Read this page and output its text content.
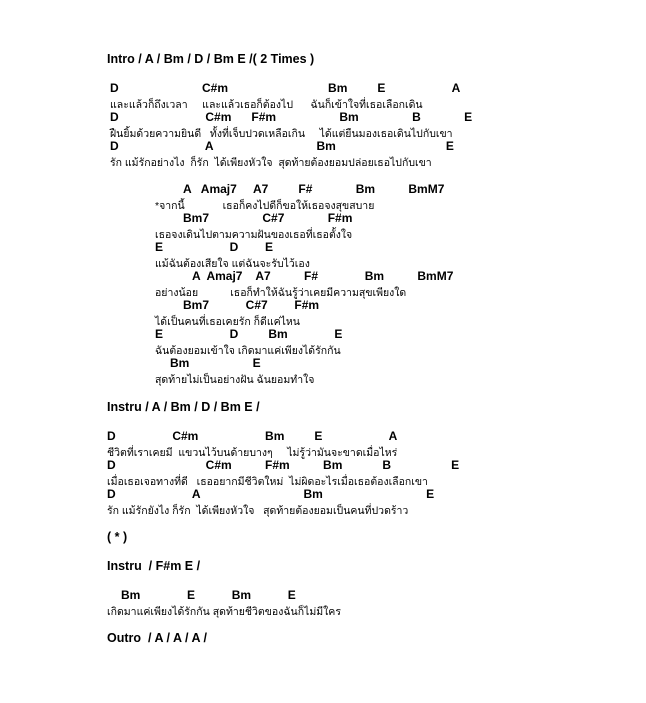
Intro / A / Bm / D / Bm E /( 2 Times )
D                         C#m                              Bm         E                    A
และแล้วก็ถึงเวลา     และแล้วเธอก็ต้องไป      ฉันก็เข้าใจที่เธอเลือกเดิน
D                          C#m      F#m                   Bm                B             E
ฝืนยิ้มด้วยความยินดี   ทั้งที่เจ็บปวดเหลือเกิน     ได้แต่ยืนมองเธอเดินไปกับเขา
D                          A                               Bm                                 E
รัก แม้รักอย่างไง  ก็รัก  ได้เพียงหัวใจ  สุดท้ายต้องยอมปล่อยเธอไปกับเขา
A   Amaj7     A7         F#             Bm          BmM7
*จากนี้             เธอก็คงไปดีก็ขอให้เธอจงสุขสบาย
Bm7                C#7             F#m
เธอจงเดินไปตามความฝันของเธอที่เธอตั้งใจ
E                    D        E
แม้ฉันต้องเสียใจ แต่ฉันจะรับไว้เอง
A  Amaj7    A7          F#              Bm          BmM7
อย่างน้อย           เธอก็ทำให้ฉันรู้ว่าเคยมีความสุขเพียงใด
Bm7           C#7        F#m
ได้เป็นคนที่เธอเคยรัก ก็ดีแค่ไหน
E                    D         Bm              E
ฉันต้องยอมเข้าใจ เกิดมาแค่เพียงได้รักกัน
Bm                   E
สุดท้ายไม่เป็นอย่างฝัน ฉันยอมทำใจ
Instru / A / Bm / D / Bm E /
D                 C#m                    Bm         E                    A
ชีวิตที่เราเคยมี  แขวนไว้บนด้ายบางๆ     ไม่รู้ว่ามันจะขาดเมื่อไหร่
D                           C#m          F#m          Bm            B                  E
เมื่อเธอเจอทางที่ดี   เธออยากมีชีวิตใหม่  ไม่ผิดอะไรเมื่อเธอต้องเลือกเขา
D                       A                               Bm                               E
รัก แม้รักยังไง ก็รัก  ได้เพียงหัวใจ   สุดท้ายต้องยอมเป็นคนที่ปวดร้าว
( * )
Instru  / F#m E /
Bm              E           Bm           E
เกิดมาแค่เพียงได้รักกัน สุดท้ายชีวิตของฉันก็ไม่มีใคร
Outro  / A / A / A /
